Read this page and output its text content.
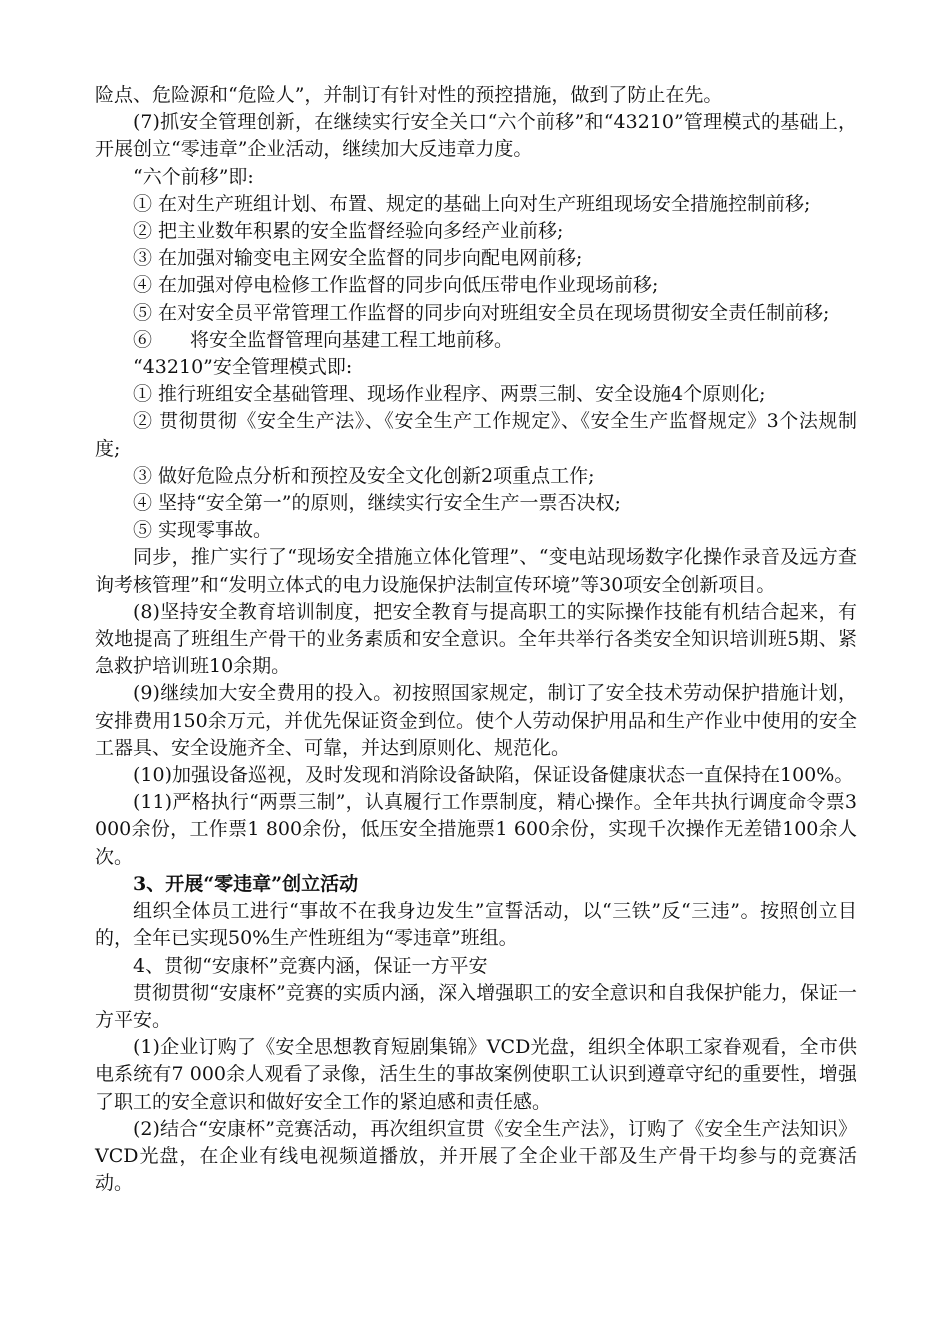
险点、危险源和“危险人”，并制订有针对性的预控措施，做到了防止在先。

(7)抓安全管理创新，在继续实行安全关口“六个前移”和“43210”管理模式的基础上，开展创立“零违章”企业活动，继续加大反违章力度。

“六个前移”即:

① 在对生产班组计划、布置、规定的基础上向对生产班组现场安全措施控制前移;

② 把主业数年积累的安全监督经验向多经产业前移;

③ 在加强对输变电主网安全监督的同步向配电网前移;

④ 在加强对停电检修工作监督的同步向低压带电作业现场前移;

⑤ 在对安全员平常管理工作监督的同步向对班组安全员在现场贯彻安全责任制前移;

⑥　　将安全监督管理向基建工程工地前移。

“43210”安全管理模式即:

① 推行班组安全基础管理、现场作业程序、两票三制、安全设施4个原则化;

② 贯彻贯彻《安全生产法》、《安全生产工作规定》、《安全生产监督规定》3个法规制度;

③ 做好危险点分析和预控及安全文化创新2项重点工作;

④ 坚持“安全第一”的原则，继续实行安全生产一票否决权;

⑤ 实现零事故。

同步，推广实行了“现场安全措施立体化管理”、“变电站现场数字化操作录音及远方查询考核管理”和“发明立体式的电力设施保护法制宣传环境”等30项安全创新项目。

(8)坚持安全教育培训制度，把安全教育与提高职工的实际操作技能有机结合起来，有效地提高了班组生产骨干的业务素质和安全意识。全年共举行各类安全知识培训班5期、紧急救护培训班10余期。

(9)继续加大安全费用的投入。初按照国家规定，制订了安全技术劳动保护措施计划，安排费用150余万元，并优先保证资金到位。使个人劳动保护用品和生产作业中使用的安全工器具、安全设施齐全、可靠，并达到原则化、规范化。

(10)加强设备巡视，及时发现和消除设备缺陷，保证设备健康状态一直保持在100%。

(11)严格执行“两票三制”，认真履行工作票制度，精心操作。全年共执行调度命令票3 000余份，工作票1 800余份，低压安全措施票1 600余份，实现千次操作无差错100余人次。

3、开展“零违章”创立活动

组织全体员工进行“事故不在我身边发生”宣誓活动，以“三铁”反“三违”。按照创立目的，全年已实现50%生产性班组为“零违章”班组。

4、贯彻“安康杯”竞赛内涵，保证一方平安

贯彻贯彻“安康杯”竞赛的实质内涵，深入增强职工的安全意识和自我保护能力，保证一方平安。

(1)企业订购了《安全思想教育短剧集锦》VCD光盘，组织全体职工家眷观看，全市供电系统有7 000余人观看了录像，活生生的事故案例使职工认识到遵章守纪的重要性，增强了职工的安全意识和做好安全工作的紧迫感和责任感。

(2)结合“安康杯”竞赛活动，再次组织宣贯《安全生产法》，订购了《安全生产法知识》VCD光盘，在企业有线电视频道播放，并开展了全企业干部及生产骨干均参与的竞赛活动。
